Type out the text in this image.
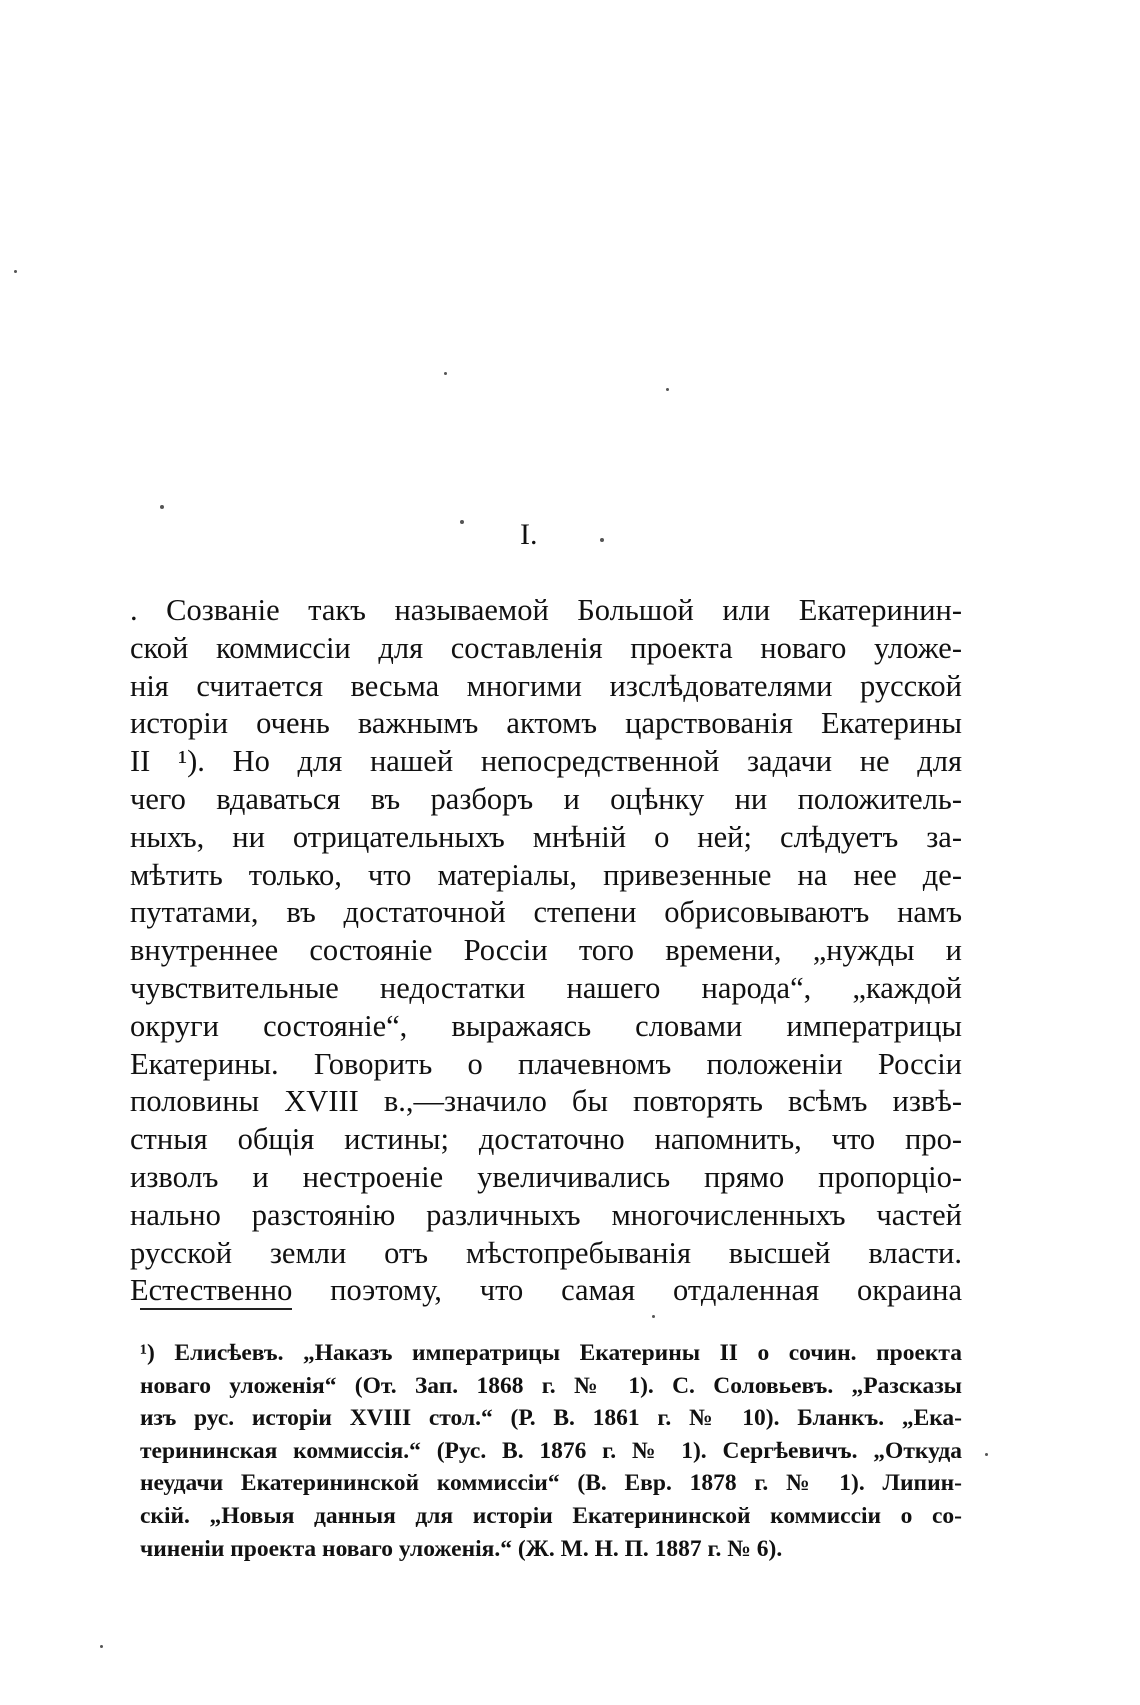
I.
. Созванiе такъ называемой Большой или Екатеринин-
ской коммиссiи для составленiя проекта новаго уложе-
нiя считается весьма многими изслѣдователями русской
исторiи очень важнымъ актомъ царствованiя Екатерины
II ¹). Но для нашей непосредственной задачи не для
чего вдаваться въ разборъ и оцѣнку ни положитель-
ныхъ, ни отрицательныхъ мнѣнiй о ней; слѣдуетъ за-
мѣтить только, что матерiалы, привезенные на нее де-
путатами, въ достаточной степени обрисовываютъ намъ
внутреннее состоянiе Россiи того времени, „нужды и
чувствительные недостатки нашего народа“, „каждой
округи состоянiе“, выражаясь словами императрицы
Екатерины. Говорить о плачевномъ положенiи Россiи
половины XVIII в.,—значило бы повторять всѣмъ извѣ-
стныя общiя истины; достаточно напомнить, что про-
изволъ и нестроенiе увеличивались прямо пропорцiо-
нально разстоянiю различныхъ многочисленныхъ частей
русской земли отъ мѣстопребыванiя высшей власти.
Естественно поэтому, что самая отдаленная окраина
¹) Елисѣевъ. „Наказъ императрицы Екатерины II о сочин. проекта
новаго уложенiя“ (От. Зап. 1868 г. № 1). С. Соловьевъ. „Разсказы
изъ рус. исторiи XVIII стол.“ (Р. В. 1861 г. № 10). Бланкъ. „Ека-
терининская коммиссiя.“ (Рус. В. 1876 г. № 1). Сергѣевичъ. „Откуда
неудачи Екатерининской коммиссiи“ (В. Евр. 1878 г. № 1). Липин-
скiй. „Новыя данныя для исторiи Екатерининской коммиссiи о со-
чиненiи проекта новаго уложенiя.“ (Ж. М. Н. П. 1887 г. № 6).
